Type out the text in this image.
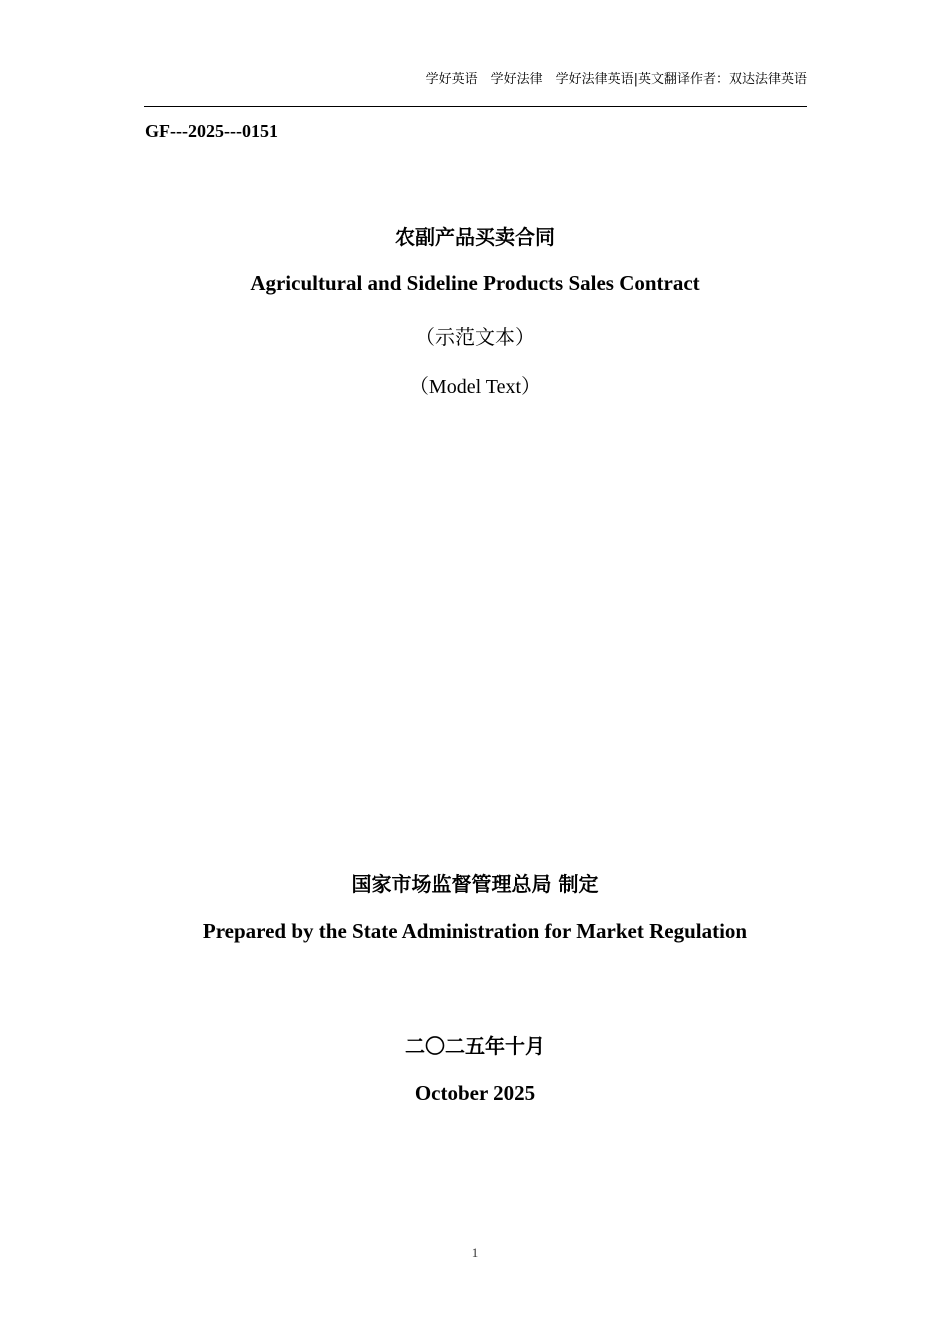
学好英语　学好法律　学好法律英语|英文翻译作者：双达法律英语
GF---2025---0151
农副产品买卖合同
Agricultural and Sideline Products Sales Contract
（示范文本）
（Model Text）
国家市场监督管理总局 制定
Prepared by the State Administration for Market Regulation
二〇二五年十月
October 2025
1
